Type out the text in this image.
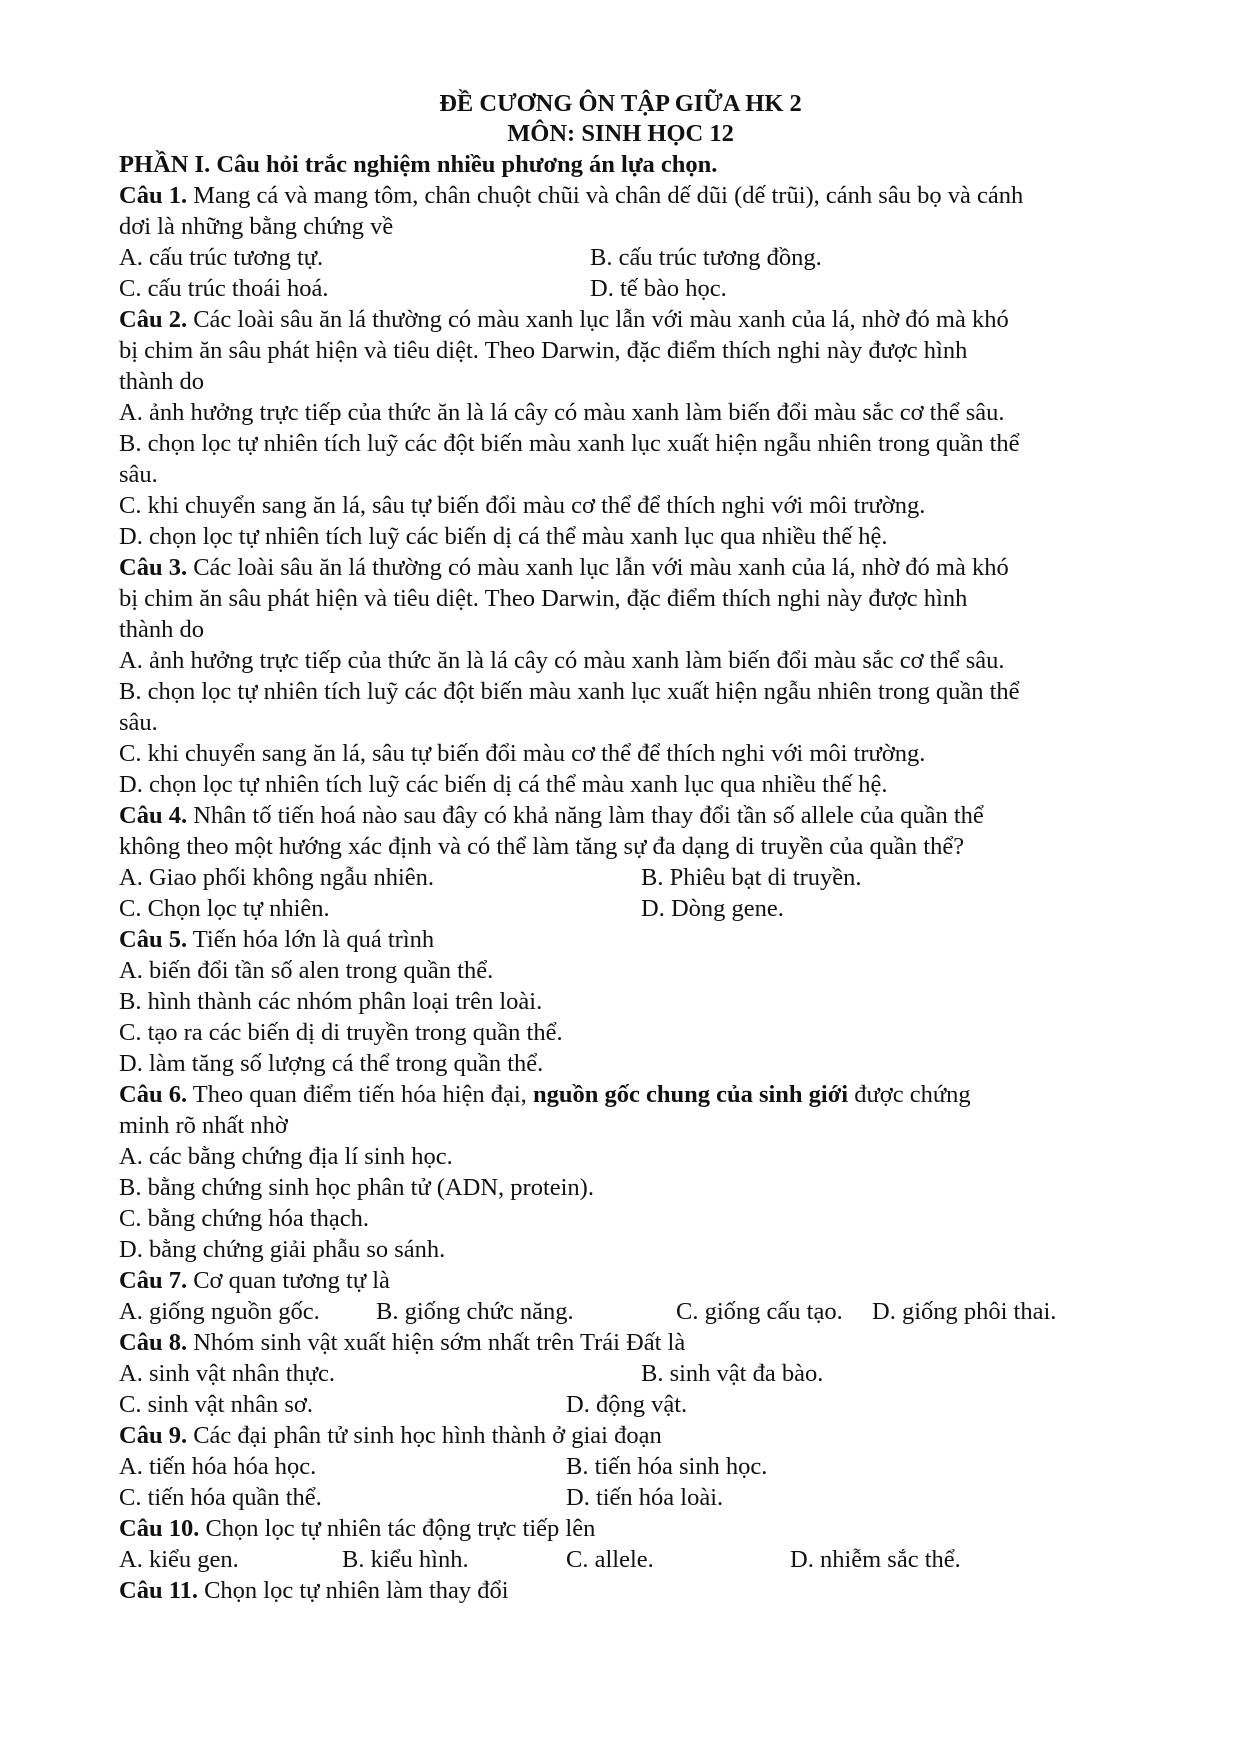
ĐỀ CƯƠNG ÔN TẬP GIỮA HK 2
MÔN: SINH HỌC 12
PHẦN I. Câu hỏi trắc nghiệm nhiều phương án lựa chọn.
Câu 1. Mang cá và mang tôm, chân chuột chũi và chân dế dũi (dế trũi), cánh sâu bọ và cánh
dơi là những bằng chứng về
A. cấu trúc tương tự.	B. cấu trúc tương đồng.
C. cấu trúc thoái hoá.	D. tế bào học.
Câu 2. Các loài sâu ăn lá thường có màu xanh lục lẫn với màu xanh của lá, nhờ đó mà khó
bị chim ăn sâu phát hiện và tiêu diệt. Theo Darwin, đặc điểm thích nghi này được hình
thành do
A. ảnh hưởng trực tiếp của thức ăn là lá cây có màu xanh làm biến đổi màu sắc cơ thể sâu.
B. chọn lọc tự nhiên tích luỹ các đột biến màu xanh lục xuất hiện ngẫu nhiên trong quần thể
sâu.
C. khi chuyển sang ăn lá, sâu tự biến đổi màu cơ thể để thích nghi với môi trường.
D. chọn lọc tự nhiên tích luỹ các biến dị cá thể màu xanh lục qua nhiều thế hệ.
Câu 3. Các loài sâu ăn lá thường có màu xanh lục lẫn với màu xanh của lá, nhờ đó mà khó
bị chim ăn sâu phát hiện và tiêu diệt. Theo Darwin, đặc điểm thích nghi này được hình
thành do
A. ảnh hưởng trực tiếp của thức ăn là lá cây có màu xanh làm biến đổi màu sắc cơ thể sâu.
B. chọn lọc tự nhiên tích luỹ các đột biến màu xanh lục xuất hiện ngẫu nhiên trong quần thể
sâu.
C. khi chuyển sang ăn lá, sâu tự biến đổi màu cơ thể để thích nghi với môi trường.
D. chọn lọc tự nhiên tích luỹ các biến dị cá thể màu xanh lục qua nhiều thế hệ.
Câu 4. Nhân tố tiến hoá nào sau đây có khả năng làm thay đổi tần số allele của quần thể
không theo một hướng xác định và có thể làm tăng sự đa dạng di truyền của quần thể?
A. Giao phối không ngẫu nhiên.	B. Phiêu bạt di truyền.
C. Chọn lọc tự nhiên.	D. Dòng gene.
Câu 5. Tiến hóa lớn là quá trình
A. biến đổi tần số alen trong quần thể.
B. hình thành các nhóm phân loại trên loài.
C. tạo ra các biến dị di truyền trong quần thể.
D. làm tăng số lượng cá thể trong quần thể.
Câu 6. Theo quan điểm tiến hóa hiện đại, nguồn gốc chung của sinh giới được chứng
minh rõ nhất nhờ
A. các bằng chứng địa lí sinh học.
B. bằng chứng sinh học phân tử (ADN, protein).
C. bằng chứng hóa thạch.
D. bằng chứng giải phẫu so sánh.
Câu 7. Cơ quan tương tự là
A. giống nguồn gốc. B. giống chức năng.	C. giống cấu tạo. D. giống phôi thai.
Câu 8. Nhóm sinh vật xuất hiện sớm nhất trên Trái Đất là
A. sinh vật nhân thực.	B. sinh vật đa bào.
C. sinh vật nhân sơ.	D. động vật.
Câu 9. Các đại phân tử sinh học hình thành ở giai đoạn
A. tiến hóa hóa học.	B. tiến hóa sinh học.
C. tiến hóa quần thể.	D. tiến hóa loài.
Câu 10. Chọn lọc tự nhiên tác động trực tiếp lên
A. kiểu gen.	B. kiểu hình.	C. allele.	D. nhiễm sắc thể.
Câu 11. Chọn lọc tự nhiên làm thay đổi
